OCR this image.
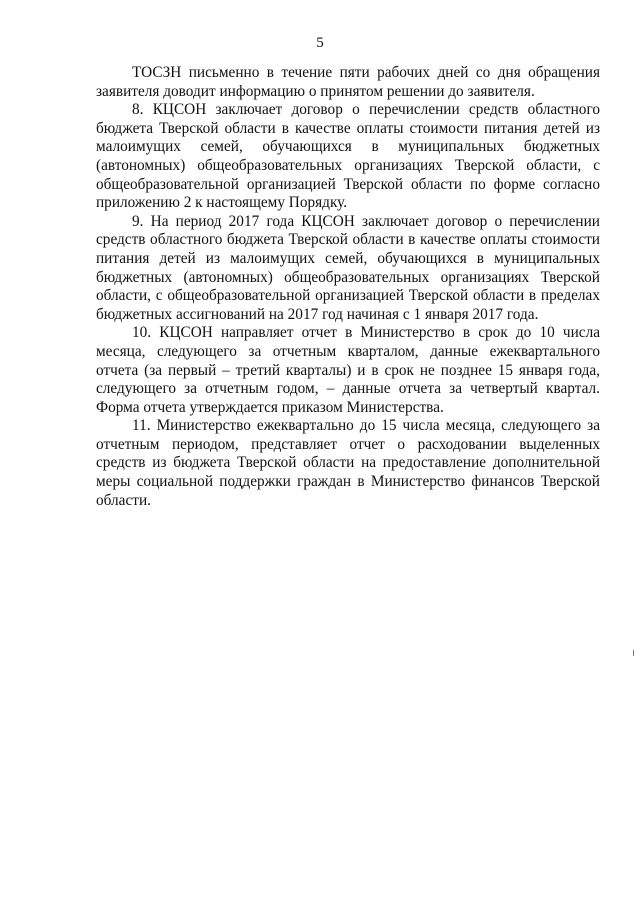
5

ТОСЗН письменно в течение пяти рабочих дней со дня обращения заявителя доводит информацию о принятом решении до заявителя.

8. КЦСОН заключает договор о перечислении средств областного бюджета Тверской области в качестве оплаты стоимости питания детей из малоимущих семей, обучающихся в муниципальных бюджетных (автономных) общеобразовательных организациях Тверской области, с общеобразовательной организацией Тверской области по форме согласно приложению 2 к настоящему Порядку.

9. На период 2017 года КЦСОН заключает договор о перечислении средств областного бюджета Тверской области в качестве оплаты стоимости питания детей из малоимущих семей, обучающихся в муниципальных бюджетных (автономных) общеобразовательных организациях Тверской области, с общеобразовательной организацией Тверской области в пределах бюджетных ассигнований на 2017 год начиная с 1 января 2017 года.

10. КЦСОН направляет отчет в Министерство в срок до 10 числа месяца, следующего за отчетным кварталом, данные ежеквартального отчета (за первый – третий кварталы) и в срок не позднее 15 января года, следующего за отчетным годом, – данные отчета за четвертый квартал. Форма отчета утверждается приказом Министерства.

11. Министерство ежеквартально до 15 числа месяца, следующего за отчетным периодом, представляет отчет о расходовании выделенных средств из бюджета Тверской области на предоставление дополнительной меры социальной поддержки граждан в Министерство финансов Тверской области.
